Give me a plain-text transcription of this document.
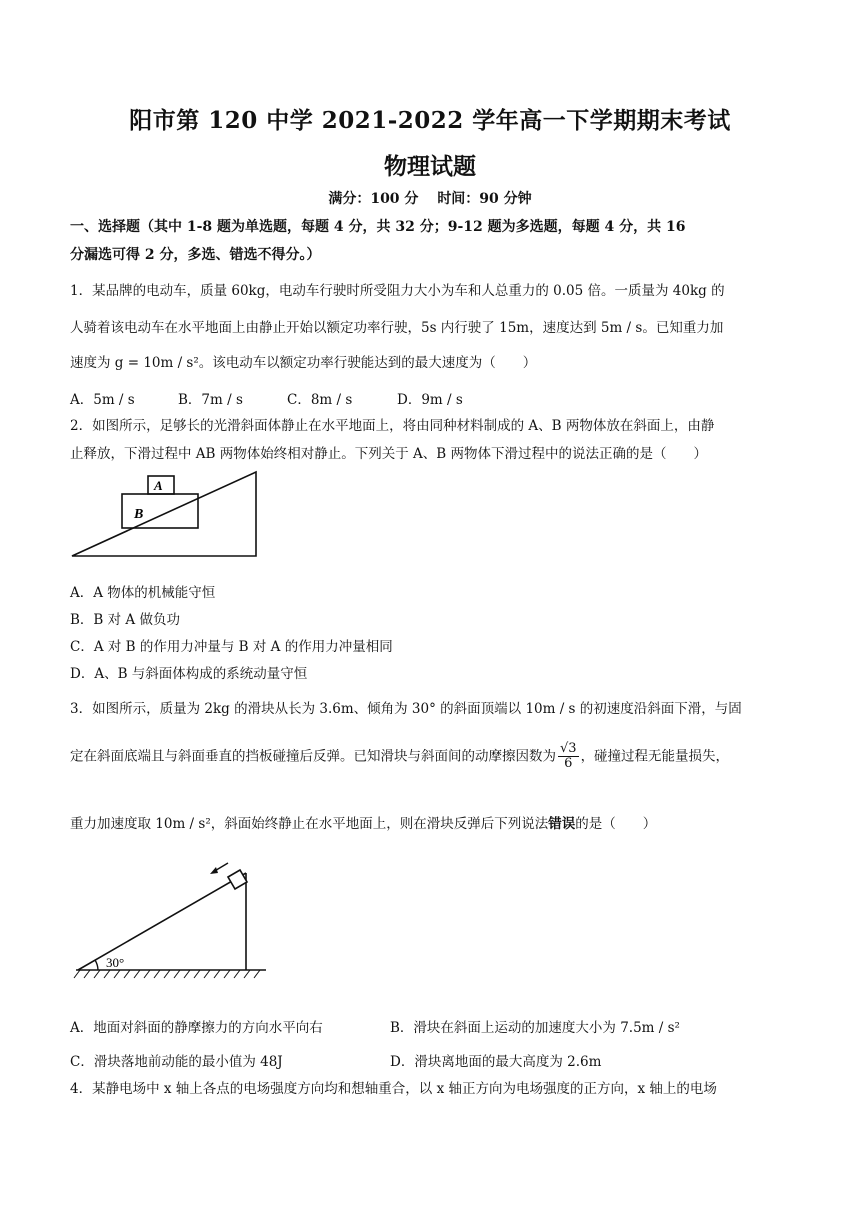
阳市第 120 中学 2021-2022 学年高一下学期期末考试
物理试题
满分：100 分 时间：90 分钟
一、选择题（其中 1-8 题为单选题，每题 4 分，共 32 分；9-12 题为多选题，每题 4 分，共 16
分漏选可得 2 分，多选、错选不得分。）
1．某品牌的电动车，质量 60kg，电动车行驶时所受阻力大小为车和人总重力的 0.05 倍。一质量为 40kg 的
人骑着该电动车在水平地面上由静止开始以额定功率行驶，5s 内行驶了 15m，速度达到 5m / s。已知重力加
速度为 g = 10m / s²。该电动车以额定功率行驶能达到的最大速度为（　　）
A．5m / s	B．7m / s	C．8m / s	D．9m / s
2．如图所示，足够长的光滑斜面体静止在水平地面上，将由同种材料制成的 A、B 两物体放在斜面上，由静
止释放，下滑过程中 AB 两物体始终相对静止。下列关于 A、B 两物体下滑过程中的说法正确的是（　　）
A
B
A．A 物体的机械能守恒
B．B 对 A 做负功
C．A 对 B 的作用力冲量与 B 对 A 的作用力冲量相同
D．A、B 与斜面体构成的系统动量守恒
3．如图所示，质量为 2kg 的滑块从长为 3.6m、倾角为 30° 的斜面顶端以 10m / s 的初速度沿斜面下滑，与固
定在斜面底端且与斜面垂直的挡板碰撞后反弹。已知滑块与斜面间的动摩擦因数为 $\frac{√3}{6}$ ，碰撞过程无能量损失，
重力加速度取 10m / s²，斜面始终静止在水平地面上，则在滑块反弹后下列说法错误的是（　　）
30°
A．地面对斜面的静摩擦力的方向水平向右	B．滑块在斜面上运动的加速度大小为 7.5m / s²
C．滑块落地前动能的最小值为 48J	D．滑块离地面的最大高度为 2.6m
4．某静电场中 x 轴上各点的电场强度方向均和想轴重合，以 x 轴正方向为电场强度的正方向，x 轴上的电场
